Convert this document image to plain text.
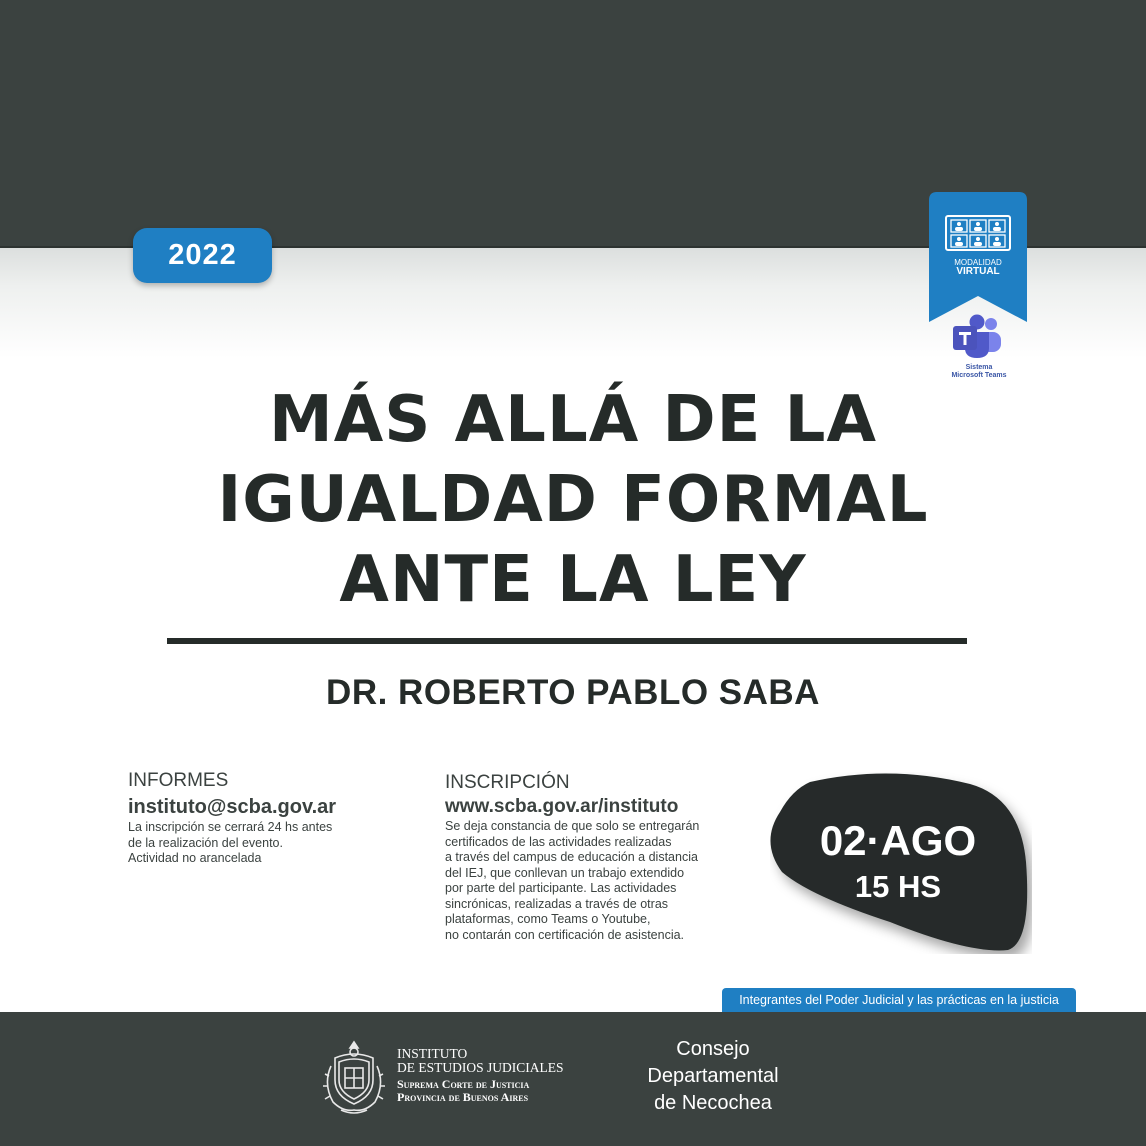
2022	MODALIDAD
VIRTUAL
Sistema
Microsoft Teams
MÁS ALLÁ DE LA
IGUALDAD FORMAL
ANTE LA LEY
DR. ROBERTO PABLO SABA
INFORMES
instituto@scba.gov.ar
La inscripción se cerrará 24 hs antes
de la realización del evento.
Actividad no arancelada
INSCRIPCIÓN
www.scba.gov.ar/instituto
Se deja constancia de que solo se entregarán
certificados de las actividades realizadas
a través del campus de educación a distancia
del IEJ, que conllevan un trabajo extendido
por parte del participante. Las actividades
sincrónicas, realizadas a través de otras
plataformas, como Teams o Youtube,
no contarán con certificación de asistencia.
02·AGO
15 HS
Integrantes del Poder Judicial y las prácticas en la justicia
INSTITUTO
DE ESTUDIOS JUDICIALES
Suprema Corte de Justicia
Provincia de Buenos Aires
Consejo
Departamental
de Necochea
